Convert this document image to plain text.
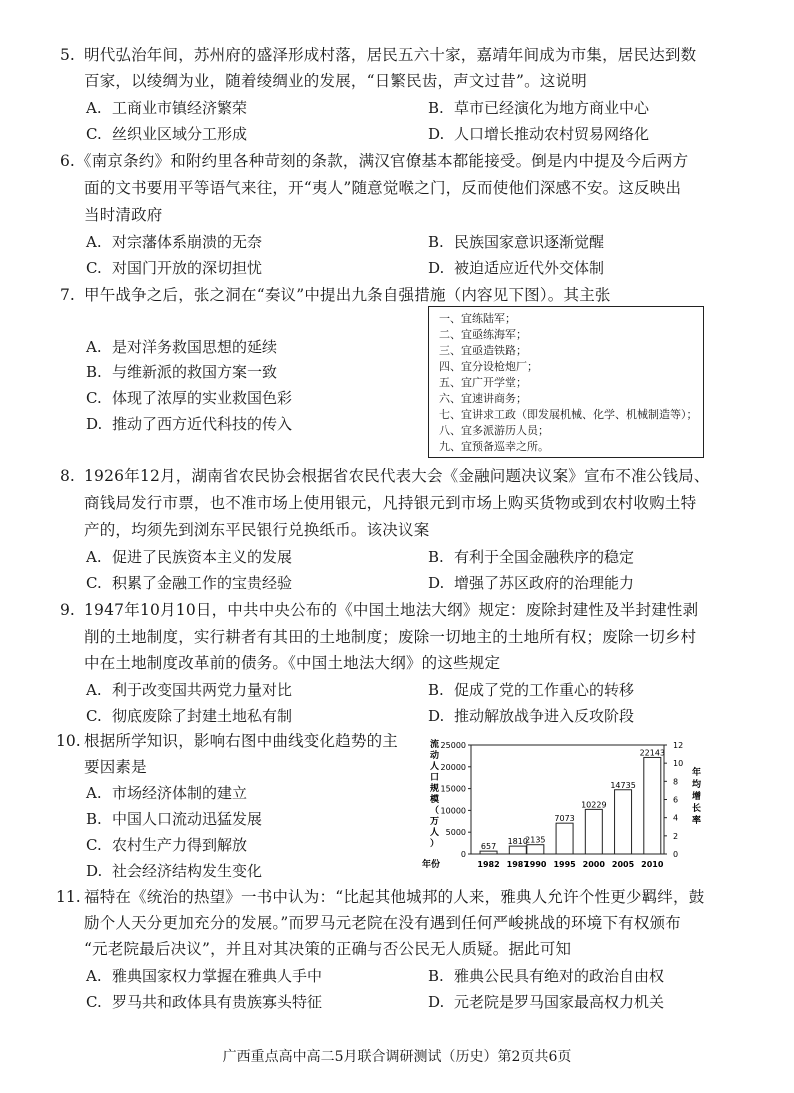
5. 明代弘治年间，苏州府的盛泽形成村落，居民五六十家，嘉靖年间成为市集，居民达到数
百家，以绫绸为业，随着绫绸业的发展，“日繁民齿，声文过昔”。这说明
A. 工商业市镇经济繁荣	B. 草市已经演化为地方商业中心
C. 丝织业区域分工形成	D. 人口增长推动农村贸易网络化
6. 《南京条约》和附约里各种苛刻的条款，满汉官僚基本都能接受。倒是内中提及今后两方
面的文书要用平等语气来往，开“夷人”随意觉喉之门，反而使他们深感不安。这反映出
当时清政府
A. 对宗藩体系崩溃的无奈	B. 民族国家意识逐渐觉醒
C. 对国门开放的深切担忧	D. 被迫适应近代外交体制
7. 甲午战争之后，张之洞在“奏议”中提出九条自强措施（内容见下图）。其主张
A. 是对洋务救国思想的延续
B. 与维新派的救国方案一致
C. 体现了浓厚的实业救国色彩
D. 推动了西方近代科技的传入
一、宜练陆军；
二、宜亟练海军；
三、宜亟造铁路；
四、宜分设枪炮厂；
五、宜广开学堂；
六、宜速讲商务；
七、宜讲求工政（即发展机械、化学、机械制造等）；
八、宜多派游历人员；
九、宜预备巡幸之所。
8. 1926年12月，湖南省农民协会根据省农民代表大会《金融问题决议案》宣布不准公钱局、
商钱局发行市票，也不准市场上使用银元，凡持银元到市场上购买货物或到农村收购土特
产的，均须先到浏东平民银行兑换纸币。该决议案
A. 促进了民族资本主义的发展	B. 有利于全国金融秩序的稳定
C. 积累了金融工作的宝贵经验	D. 增强了苏区政府的治理能力
9. 1947年10月10日，中共中央公布的《中国土地法大纲》规定：废除封建性及半封建性剥
削的土地制度，实行耕者有其田的土地制度；废除一切地主的土地所有权；废除一切乡村
中在土地制度改革前的债务。《中国土地法大纲》的这些规定
A. 利于改变国共两党力量对比	B. 促成了党的工作重心的转移
C. 彻底废除了封建土地私有制	D. 推动解放战争进入反攻阶段
10. 根据所学知识，影响右图中曲线变化趋势的主
要因素是
A. 市场经济体制的建立
B. 中国人口流动迅猛发展
C. 农村生产力得到解放
D. 社会经济结构发生变化
流动人口规模（万人）
年均增长率
0
5000
10000
15000
20000
25000
0
2
4
6
8
10
12
657
1810
2135
7073
10229
14735
22143
1982 1987
1990 1995 2000 2005 2010
年份
11. 福特在《统治的热望》一书中认为：“比起其他城邦的人来，雅典人允许个性更少羁绊，鼓
励个人天分更加充分的发展。”而罗马元老院在没有遇到任何严峻挑战的环境下有权颁布
“元老院最后决议”，并且对其决策的正确与否公民无人质疑。据此可知
A. 雅典国家权力掌握在雅典人手中	B. 雅典公民具有绝对的政治自由权
C. 罗马共和政体具有贵族寡头特征	D. 元老院是罗马国家最高权力机关
广西重点高中高二5月联合调研测试（历史）第2页共6页
